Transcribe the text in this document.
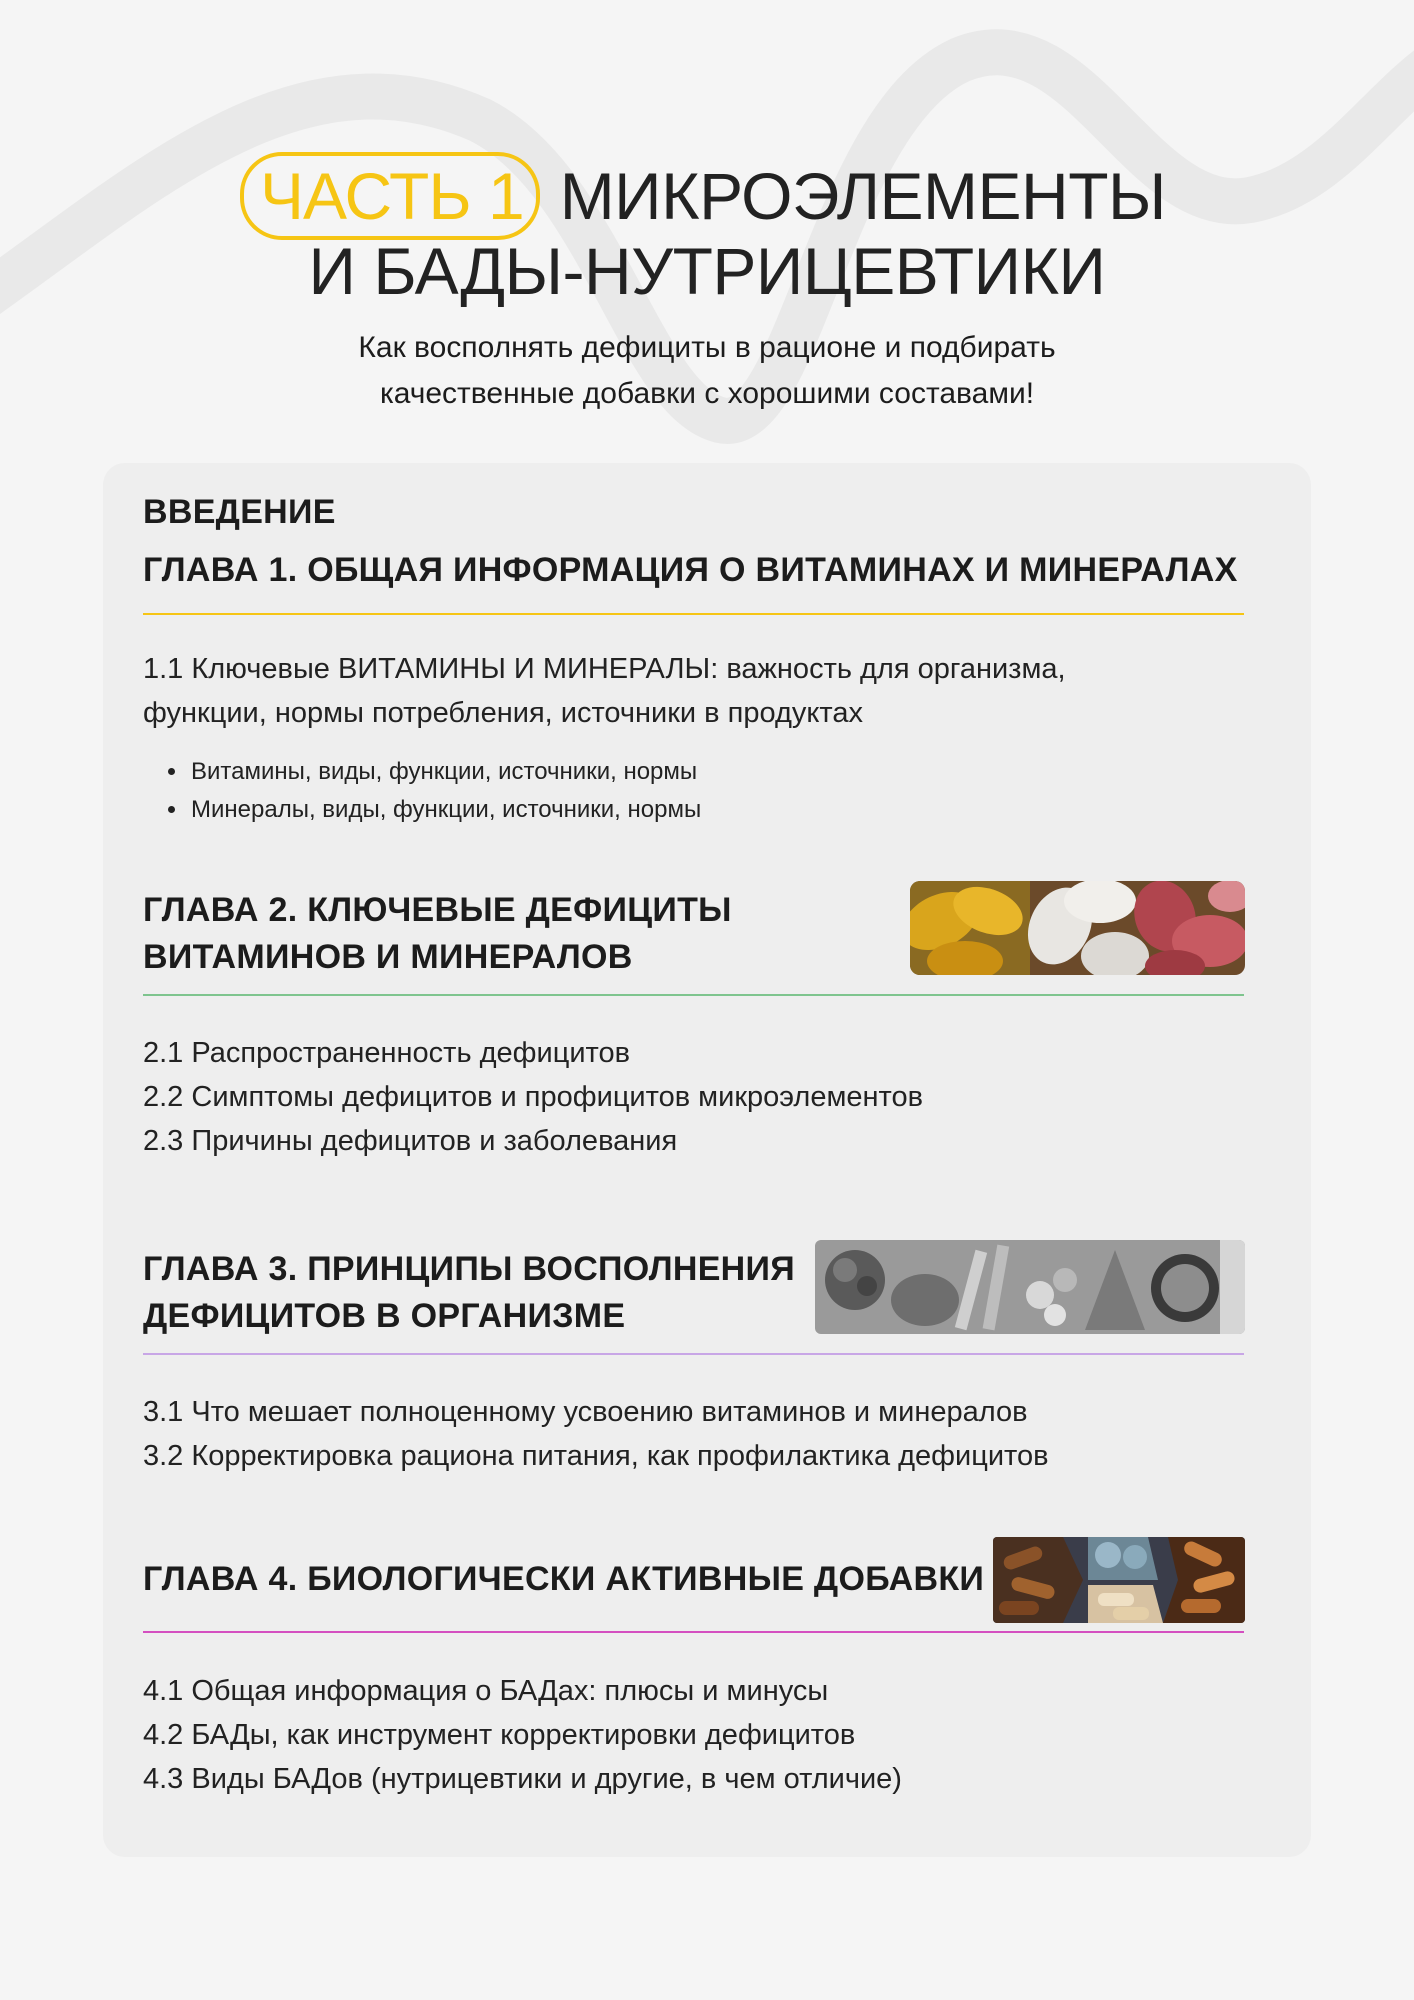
ЧАСТЬ 1 МИКРОЭЛЕМЕНТЫ
И БАДЫ-НУТРИЦЕВТИКИ
Как восполнять дефициты в рационе и подбирать
качественные добавки с хорошими составами!
ВВЕДЕНИЕ
ГЛАВА 1. ОБЩАЯ ИНФОРМАЦИЯ О ВИТАМИНАХ И МИНЕРАЛАХ
1.1 Ключевые ВИТАМИНЫ И МИНЕРАЛЫ: важность для организма,
функции, нормы потребления, источники в продуктах
• Витамины, виды, функции, источники, нормы
• Минералы, виды, функции, источники, нормы
ГЛАВА 2. КЛЮЧЕВЫЕ ДЕФИЦИТЫ
ВИТАМИНОВ И МИНЕРАЛОВ
2.1 Распространенность дефицитов
2.2 Симптомы дефицитов и профицитов микроэлементов
2.3 Причины дефицитов и заболевания
ГЛАВА 3. ПРИНЦИПЫ ВОСПОЛНЕНИЯ
ДЕФИЦИТОВ В ОРГАНИЗМЕ
3.1 Что мешает полноценному усвоению витаминов и минералов
3.2 Корректировка рациона питания, как профилактика дефицитов
ГЛАВА 4. БИОЛОГИЧЕСКИ АКТИВНЫЕ ДОБАВКИ
4.1 Общая информация о БАДах: плюсы и минусы
4.2 БАДы, как инструмент корректировки дефицитов
4.3 Виды БАДов (нутрицевтики и другие, в чем отличие)
